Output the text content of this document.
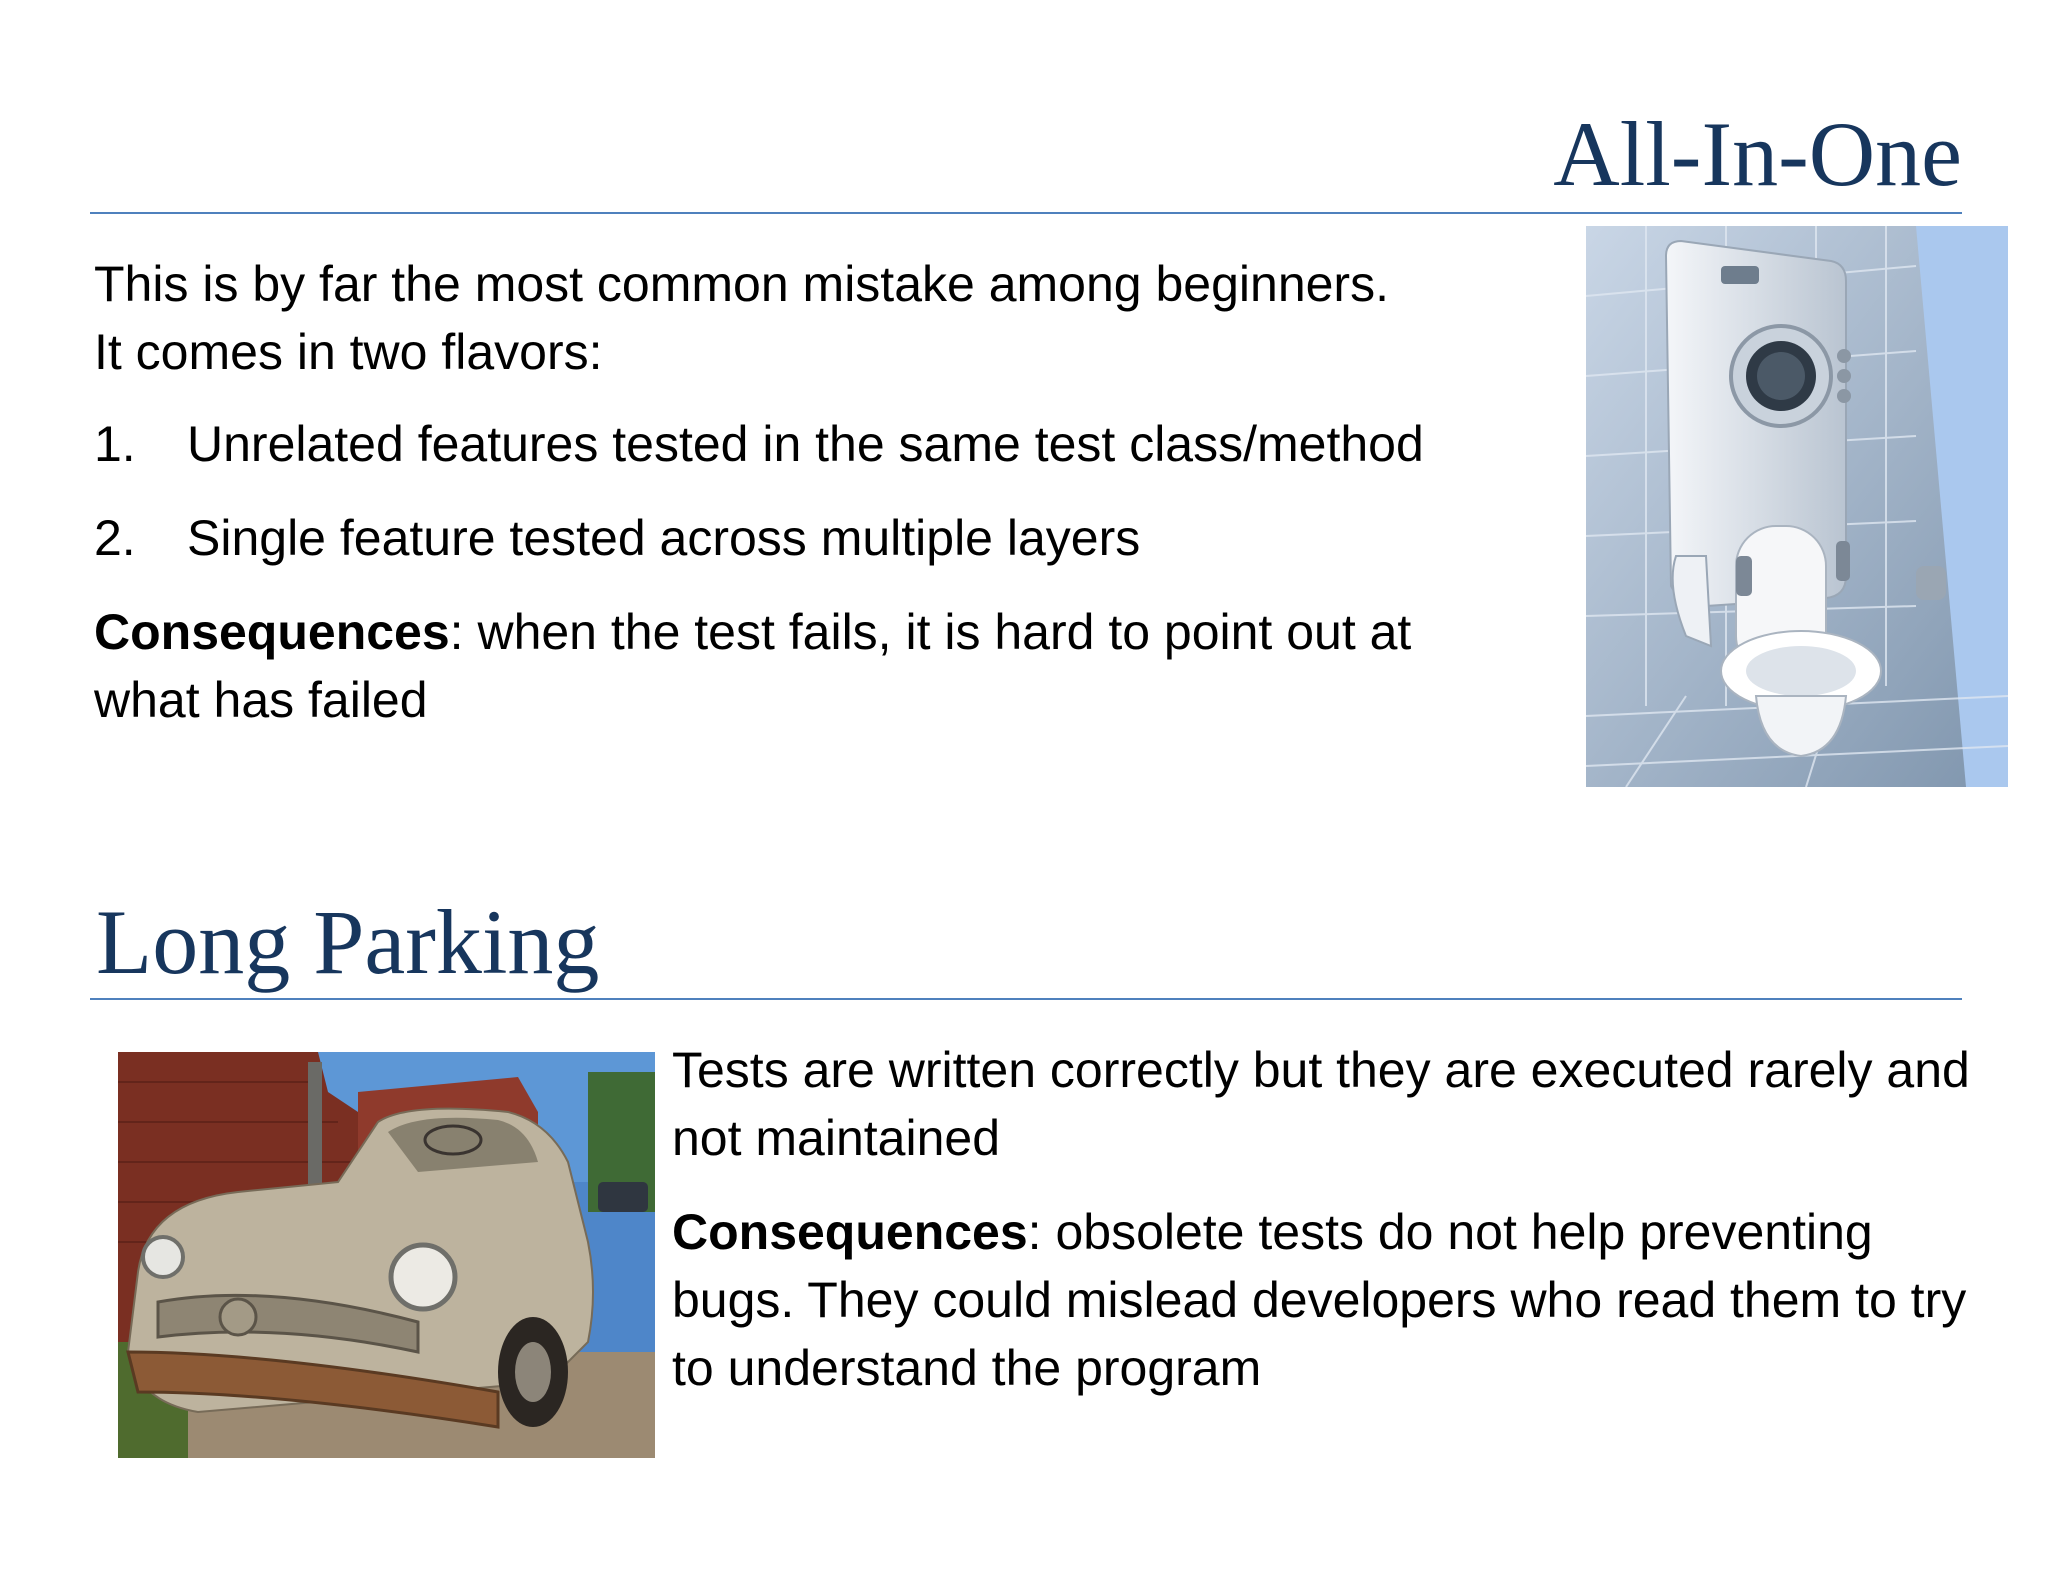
All-In-One

This is by far the most common mistake among beginners.

It comes in two flavors:

1.	Unrelated features tested in the same test class/method
2.	Single feature tested across multiple layers

Consequences: when the test fails, it is hard to point out at what has failed

Long Parking

Tests are written correctly but they are executed rarely and not maintained

Consequences: obsolete tests do not help preventing bugs. They could mislead developers who read them to try to understand the program
